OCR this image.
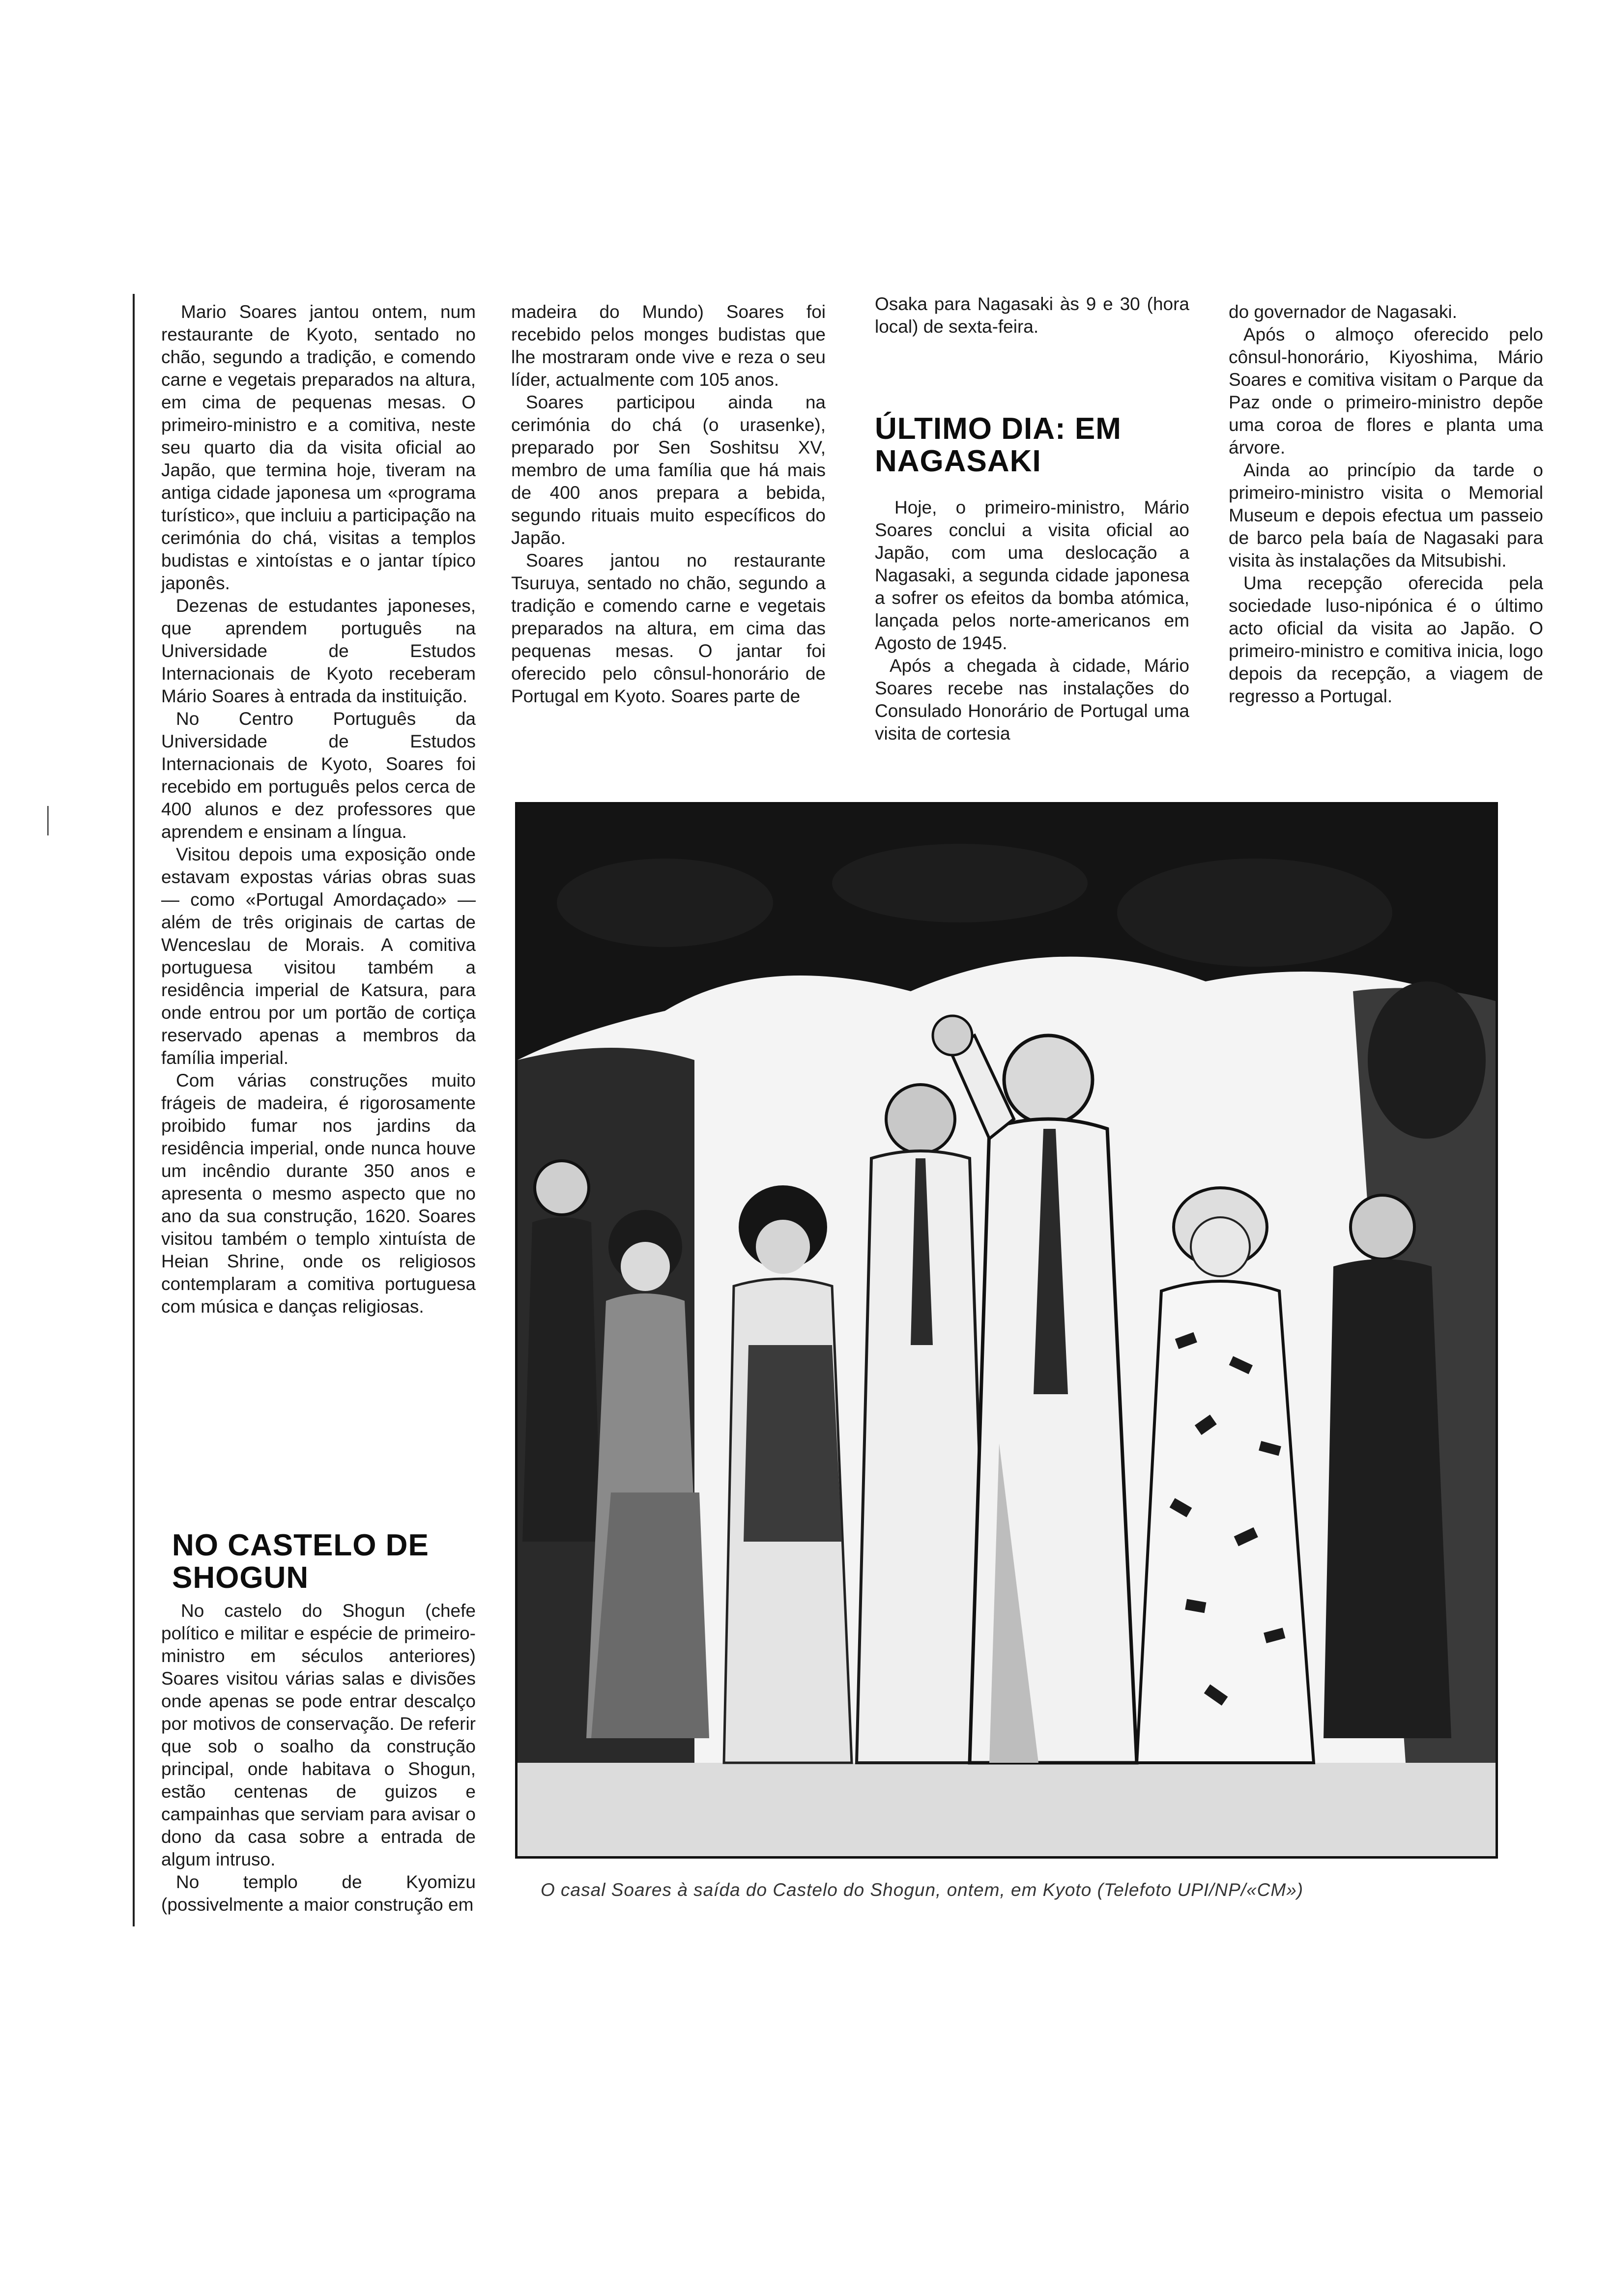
Mario Soares jantou ontem, num restaurante de Kyoto, sentado no chão, segundo a tradição, e comendo carne e vegetais preparados na altura, em cima de pequenas mesas. O primeiro-ministro e a comitiva, neste seu quarto dia da visita oficial ao Japão, que termina hoje, tiveram na antiga cidade japonesa um «programa turístico», que incluiu a participação na cerimónia do chá, visitas a templos budistas e xintoístas e o jantar típico japonês.

Dezenas de estudantes japoneses, que aprendem português na Universidade de Estudos Internacionais de Kyoto receberam Mário Soares à entrada da instituição.

No Centro Português da Universidade de Estudos Internacionais de Kyoto, Soares foi recebido em português pelos cerca de 400 alunos e dez professores que aprendem e ensinam a língua.

Visitou depois uma exposição onde estavam expostas várias obras suas — como «Portugal Amordaçado» — além de três originais de cartas de Wenceslau de Morais. A comitiva portuguesa visitou também a residência imperial de Katsura, para onde entrou por um portão de cortiça reservado apenas a membros da família imperial.

Com várias construções muito frágeis de madeira, é rigorosamente proibido fumar nos jardins da residência imperial, onde nunca houve um incêndio durante 350 anos e apresenta o mesmo aspecto que no ano da sua construção, 1620. Soares visitou também o templo xintuísta de Heian Shrine, onde os religiosos contemplaram a comitiva portuguesa com música e danças religiosas.

NO CASTELO DE SHOGUN

No castelo do Shogun (chefe político e militar e espécie de primeiro-ministro em séculos anteriores) Soares visitou várias salas e divisões onde apenas se pode entrar descalço por motivos de conservação. De referir que sob o soalho da construção principal, onde habitava o Shogun, estão centenas de guizos e campainhas que serviam para avisar o dono da casa sobre a entrada de algum intruso.

No templo de Kyomizu (possivelmente a maior construção em

madeira do Mundo) Soares foi recebido pelos monges budistas que lhe mostraram onde vive e reza o seu líder, actualmente com 105 anos.

Soares participou ainda na cerimónia do chá (o urasenke), preparado por Sen Soshitsu XV, membro de uma família que há mais de 400 anos prepara a bebida, segundo rituais muito específicos do Japão.

Soares jantou no restaurante Tsuruya, sentado no chão, segundo a tradição e comendo carne e vegetais preparados na altura, em cima das pequenas mesas. O jantar foi oferecido pelo cônsul-honorário de Portugal em Kyoto. Soares parte de

Osaka para Nagasaki às 9 e 30 (hora local) de sexta-feira.

ÚLTIMO DIA: EM NAGASAKI

Hoje, o primeiro-ministro, Mário Soares conclui a visita oficial ao Japão, com uma deslocação a Nagasaki, a segunda cidade japonesa a sofrer os efeitos da bomba atómica, lançada pelos norte-americanos em Agosto de 1945.

Após a chegada à cidade, Mário Soares recebe nas instalações do Consulado Honorário de Portugal uma visita de cortesia

do governador de Nagasaki.

Após o almoço oferecido pelo cônsul-honorário, Kiyoshima, Mário Soares e comitiva visitam o Parque da Paz onde o primeiro-ministro depõe uma coroa de flores e planta uma árvore.

Ainda ao princípio da tarde o primeiro-ministro visita o Memorial Museum e depois efectua um passeio de barco pela baía de Nagasaki para visita às instalações da Mitsubishi.

Uma recepção oferecida pela sociedade luso-nipónica é o último acto oficial da visita ao Japão. O primeiro-ministro e comitiva inicia, logo depois da recepção, a viagem de regresso a Portugal.

O casal Soares à saída do Castelo do Shogun, ontem, em Kyoto (Telefoto UPI/NP/«CM»)
